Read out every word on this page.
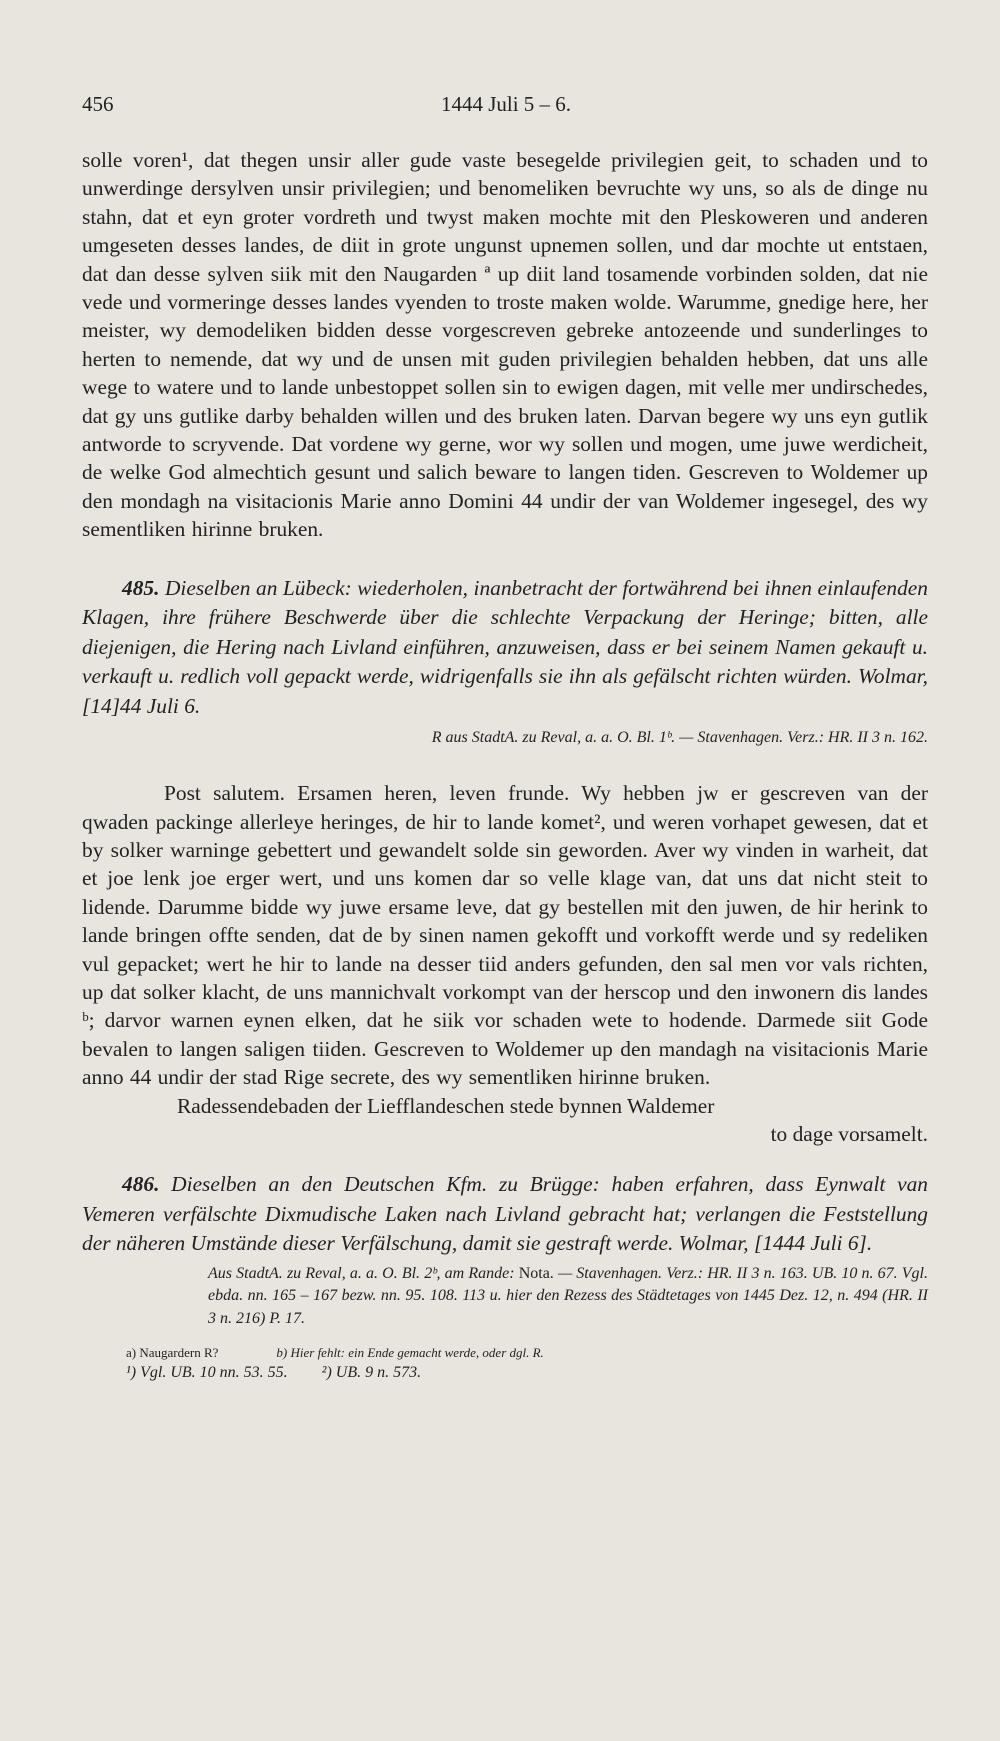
456	1444 Juli 5 – 6.

solle voren¹, dat thegen unsir aller gude vaste besegelde privilegien geit, to schaden und to unwerdinge dersylven unsir privilegien; und benomeliken bevruchte wy uns, so als de dinge nu stahn, dat et eyn groter vordreth und twyst maken mochte mit den Pleskoweren und anderen umgeseten desses landes, de diit in grote ungunst upnemen sollen, und dar mochte ut entstaen, dat dan desse sylven siik mit den Naugarden ª up diit land tosamende vorbinden solden, dat nie vede und vormeringe desses landes vyenden to troste maken wolde. Warumme, gnedige here, her meister, wy demodeliken bidden desse vorgescreven gebreke antozeende und sunderlinges to herten to nemende, dat wy und de unsen mit guden privilegien behalden hebben, dat uns alle wege to watere und to lande unbestoppet sollen sin to ewigen dagen, mit velle mer undirschedes, dat gy uns gutlike darby behalden willen und des bruken laten. Darvan begere wy uns eyn gutlik antworde to scryvende. Dat vordene wy gerne, wor wy sollen und mogen, ume juwe werdicheit, de welke God almechtich gesunt und salich beware to langen tiden. Gescreven to Woldemer up den mondagh na visitacionis Marie anno Domini 44 undir der van Woldemer ingesegel, des wy sementliken hirinne bruken.

485. Dieselben an Lübeck: wiederholen, inanbetracht der fortwährend bei ihnen einlaufenden Klagen, ihre frühere Beschwerde über die schlechte Verpackung der Heringe; bitten, alle diejenigen, die Hering nach Livland einführen, anzuweisen, dass er bei seinem Namen gekauft u. verkauft u. redlich voll gepackt werde, widrigenfalls sie ihn als gefälscht richten würden. Wolmar, [14]44 Juli 6.

R aus StadtA. zu Reval, a. a. O. Bl. 1ᵇ. — Stavenhagen. Verz.: HR. II 3 n. 162.

Post salutem. Ersamen heren, leven frunde. Wy hebben jw er gescreven van der qwaden packinge allerleye heringes, de hir to lande komet², und weren vorhapet gewesen, dat et by solker warninge gebettert und gewandelt solde sin geworden. Aver wy vinden in warheit, dat et joe lenk joe erger wert, und uns komen dar so velle klage van, dat uns dat nicht steit to lidende. Darumme bidde wy juwe ersame leve, dat gy bestellen mit den juwen, de hir herink to lande bringen offte senden, dat de by sinen namen gekofft und vorkofft werde und sy redeliken vul gepacket; wert he hir to lande na desser tiid anders gefunden, den sal men vor vals richten, up dat solker klacht, de uns mannichvalt vorkompt van der herscop und den inwonern dis landes ᵇ; darvor warnen eynen elken, dat he siik vor schaden wete to hodende. Darmede siit Gode bevalen to langen saligen tiiden. Gescreven to Woldemer up den mandagh na visitacionis Marie anno 44 undir der stad Rige secrete, des wy sementliken hirinne bruken.

Radessendebaden der Liefflandeschen stede bynnen Waldemer
to dage vorsamelt.

486. Dieselben an den Deutschen Kfm. zu Brügge: haben erfahren, dass Eynwalt van Vemeren verfälschte Dixmudische Laken nach Livland gebracht hat; verlangen die Feststellung der näheren Umstände dieser Verfälschung, damit sie gestraft werde. Wolmar, [1444 Juli 6].

Aus StadtA. zu Reval, a. a. O. Bl. 2ᵇ, am Rande: Nota. — Stavenhagen. Verz.: HR. II 3 n. 163. UB. 10 n. 67. Vgl. ebda. nn. 165 – 167 bezw. nn. 95. 108. 113 u. hier den Rezess des Städtetages von 1445 Dez. 12, n. 494 (HR. II 3 n. 216) P. 17.
a) Naugardern R?	b) Hier fehlt: ein Ende gemacht werde, oder dgl. R.
¹) Vgl. UB. 10 nn. 53. 55. ²) UB. 9 n. 573.
